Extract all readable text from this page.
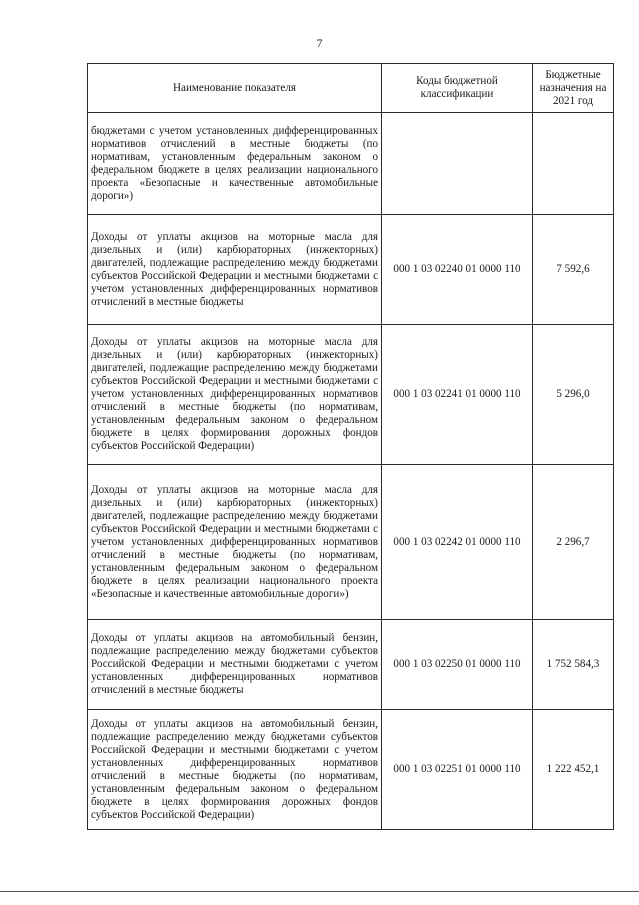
7
Наименование показателя	Коды бюджетной классификации	Бюджетные назначения на 2021 год
бюджетами с учетом установленных дифференцированных нормативов отчислений в местные бюджеты (по нормативам, установленным федеральным законом о федеральном бюджете в целях реализации национального проекта «Безопасные и качественные автомобильные дороги»)		
Доходы от уплаты акцизов на моторные масла для дизельных и (или) карбюраторных (инжекторных) двигателей, подлежащие распределению между бюджетами субъектов Российской Федерации и местными бюджетами с учетом установленных дифференцированных нормативов отчислений в местные бюджеты	000 1 03 02240 01 0000 110	7 592,6
Доходы от уплаты акцизов на моторные масла для дизельных и (или) карбюраторных (инжекторных) двигателей, подлежащие распределению между бюджетами субъектов Российской Федерации и местными бюджетами с учетом установленных дифференцированных нормативов отчислений в местные бюджеты (по нормативам, установленным федеральным законом о федеральном бюджете в целях формирования дорожных фондов субъектов Российской Федерации)	000 1 03 02241 01 0000 110	5 296,0
Доходы от уплаты акцизов на моторные масла для дизельных и (или) карбюраторных (инжекторных) двигателей, подлежащие распределению между бюджетами субъектов Российской Федерации и местными бюджетами с учетом установленных дифференцированных нормативов отчислений в местные бюджеты (по нормативам, установленным федеральным законом о федеральном бюджете в целях реализации национального проекта «Безопасные и качественные автомобильные дороги»)	000 1 03 02242 01 0000 110	2 296,7
Доходы от уплаты акцизов на автомобильный бензин, подлежащие распределению между бюджетами субъектов Российской Федерации и местными бюджетами с учетом установленных дифференцированных нормативов отчислений в местные бюджеты	000 1 03 02250 01 0000 110	1 752 584,3
Доходы от уплаты акцизов на автомобильный бензин, подлежащие распределению между бюджетами субъектов Российской Федерации и местными бюджетами с учетом установленных дифференцированных нормативов отчислений в местные бюджеты (по нормативам, установленным федеральным законом о федеральном бюджете в целях формирования дорожных фондов субъектов Российской Федерации)	000 1 03 02251 01 0000 110	1 222 452,1
